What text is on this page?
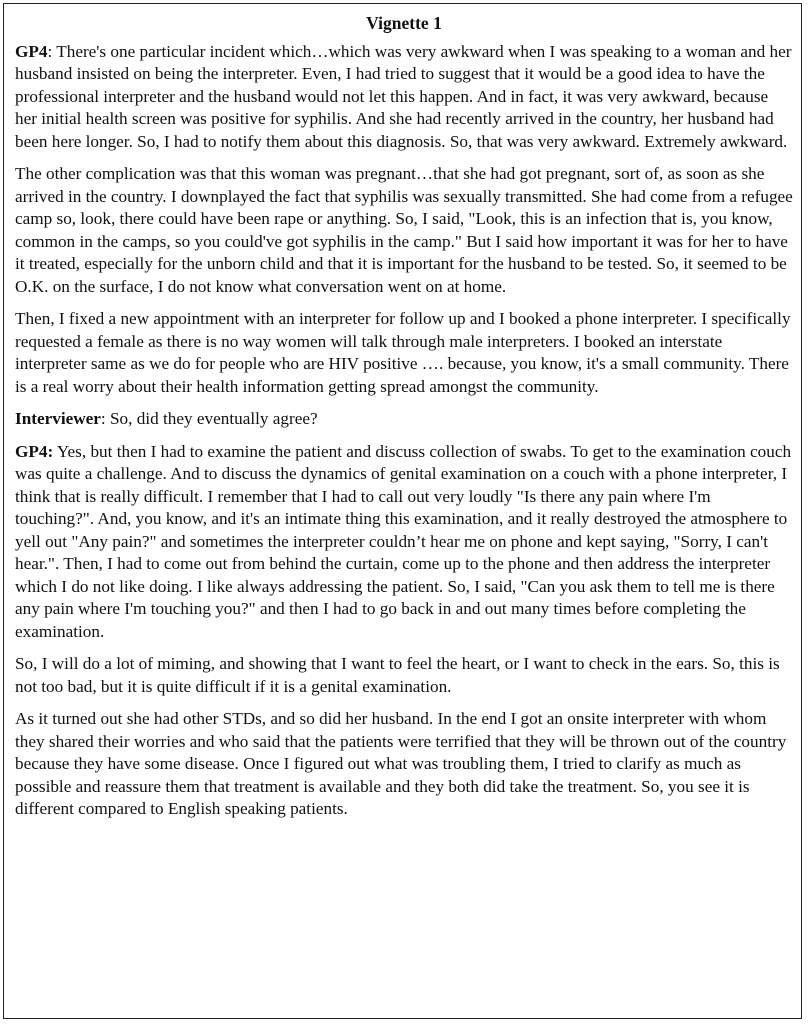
Vignette 1

GP4: There's one particular incident which…which was very awkward when I was speaking to a woman and her husband insisted on being the interpreter. Even, I had tried to suggest that it would be a good idea to have the professional interpreter and the husband would not let this happen. And in fact, it was very awkward, because her initial health screen was positive for syphilis. And she had recently arrived in the country, her husband had been here longer. So, I had to notify them about this diagnosis. So, that was very awkward. Extremely awkward.

The other complication was that this woman was pregnant…that she had got pregnant, sort of, as soon as she arrived in the country. I downplayed the fact that syphilis was sexually transmitted. She had come from a refugee camp so, look, there could have been rape or anything. So, I said, "Look, this is an infection that is, you know, common in the camps, so you could've got syphilis in the camp." But I said how important it was for her to have it treated, especially for the unborn child and that it is important for the husband to be tested. So, it seemed to be O.K. on the surface, I do not know what conversation went on at home.

Then, I fixed a new appointment with an interpreter for follow up and I booked a phone interpreter. I specifically requested a female as there is no way women will talk through male interpreters. I booked an interstate interpreter same as we do for people who are HIV positive …. because, you know, it's a small community. There is a real worry about their health information getting spread amongst the community.

Interviewer: So, did they eventually agree?

GP4: Yes, but then I had to examine the patient and discuss collection of swabs. To get to the examination couch was quite a challenge. And to discuss the dynamics of genital examination on a couch with a phone interpreter, I think that is really difficult. I remember that I had to call out very loudly "Is there any pain where I'm touching?". And, you know, and it's an intimate thing this examination, and it really destroyed the atmosphere to yell out "Any pain?" and sometimes the interpreter couldn’t hear me on phone and kept saying, "Sorry, I can't hear.". Then, I had to come out from behind the curtain, come up to the phone and then address the interpreter which I do not like doing. I like always addressing the patient. So, I said, "Can you ask them to tell me is there any pain where I'm touching you?" and then I had to go back in and out many times before completing the examination.

So, I will do a lot of miming, and showing that I want to feel the heart, or I want to check in the ears. So, this is not too bad, but it is quite difficult if it is a genital examination.

As it turned out she had other STDs, and so did her husband. In the end I got an onsite interpreter with whom they shared their worries and who said that the patients were terrified that they will be thrown out of the country because they have some disease. Once I figured out what was troubling them, I tried to clarify as much as possible and reassure them that treatment is available and they both did take the treatment. So, you see it is different compared to English speaking patients.
